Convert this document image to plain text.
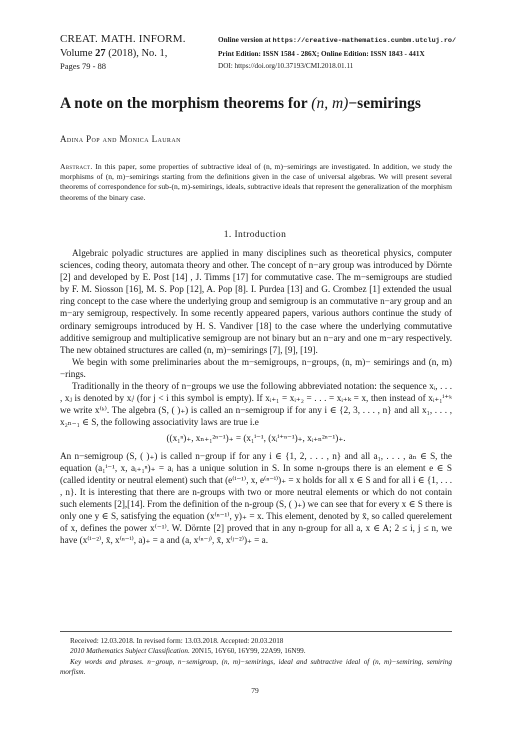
CREAT. MATH. INFORM.
Volume 27 (2018), No. 1,
Pages 79 - 88
Online version at https://creative-mathematics.cunbm.utcluj.ro/
Print Edition: ISSN 1584 - 286X; Online Edition: ISSN 1843 - 441X
DOI: https://doi.org/10.37193/CMI.2018.01.11
A note on the morphism theorems for (n, m)−semirings
Adina Pop and Monica Lauran
Abstract. In this paper, some properties of subtractive ideal of (n, m)−semirings are investigated. In addition, we study the morphisms of (n, m)−semirings starting from the definitions given in the case of universal algebras. We will present several theorems of correspondence for sub-(n, m)-semirings, ideals, subtractive ideals that represent the generalization of the morphism theorems of the binary case.
1. Introduction

Algebraic polyadic structures are applied in many disciplines such as theoretical physics, computer sciences, coding theory, automata theory and other. The concept of n−ary group was introduced by Dörnte [2] and developed by E. Post [14] , J. Timms [17] for commutative case. The m−semigroups are studied by F. M. Siosson [16], M. S. Pop [12], A. Pop [8]. I. Purdea [13] and G. Crombez [1] extended the usual ring concept to the case where the underlying group and semigroup is an commutative n−ary group and an m−ary semigroup, respectively. In some recently appeared papers, various authors continue the study of ordinary semigroups introduced by H. S. Vandiver [18] to the case where the underlying commutative additive semigroup and multiplicative semigroup are not binary but an n−ary and one m−ary respectively. The new obtained structures are called (n, m)−semirings [7], [9], [19].

We begin with some preliminaries about the m−semigroups, n−groups, (n, m)− semirings and (n, m)−rings.

Traditionally in the theory of n−groups we use the following abbreviated notation: the sequence xᵢ, . . . , xⱼ is denoted by xᵢʲ (for j < i this symbol is empty). If xᵢ₊₁ = xᵢ₊₂ = . . . = xᵢ₊ₖ = x, then instead of xᵢ₊₁ⁱ⁺ᵏ we write x⁽ᵏ⁾. The algebra (S, ( )₊) is called an n−semigroup if for any i ∈ {2, 3, . . . , n} and all x₁, . . . , x₂ₙ₋₁ ∈ S, the following associativity laws are true i.e

((x₁ⁿ)₊, xₙ₊₁²ⁿ⁻¹)₊ = (x₁ⁱ⁻¹, (xᵢⁱ⁺ⁿ⁻¹)₊, xᵢ₊ₙ²ⁿ⁻¹)₊.

An n−semigroup (S, ( )₊) is called n−group if for any i ∈ {1, 2, . . . , n} and all a₁, . . . , aₙ ∈ S, the equation (a₁ⁱ⁻¹, x, aᵢ₊₁ⁿ)₊ = aᵢ has a unique solution in S. In some n-groups there is an element e ∈ S (called identity or neutral element) such that (e⁽ⁱ⁻¹⁾, x, e⁽ⁿ⁻ⁱ⁾)₊ = x holds for all x ∈ S and for all i ∈ {1, . . . , n}. It is interesting that there are n-groups with two or more neutral elements or which do not contain such elements [2],[14]. From the definition of the n-group (S, ( )₊) we can see that for every x ∈ S there is only one y ∈ S, satisfying the equation (x⁽ⁿ⁻¹⁾, y)₊ = x. This element, denoted by x̄, so called querelement of x, defines the power x⁽⁻¹⁾. W. Dörnte [2] proved that in any n-group for all a, x ∈ A; 2 ≤ i, j ≤ n, we have (x⁽ⁱ⁻²⁾, x̄, x⁽ⁿ⁻ⁱ⁾, a)₊ = a and (a, x⁽ⁿ⁻ʲ⁾, x̄, x⁽ʲ⁻²⁾)₊ = a.

Received: 12.03.2018. In revised form: 13.03.2018. Accepted: 20.03.2018

2010 Mathematics Subject Classification. 20N15, 16Y60, 16Y99, 22A99, 16N99.

Key words and phrases. n−group, n−semigroup, (n, m)−semirings, ideal and subtractive ideal of (n, m)−semiring, semiring morfism.

79
